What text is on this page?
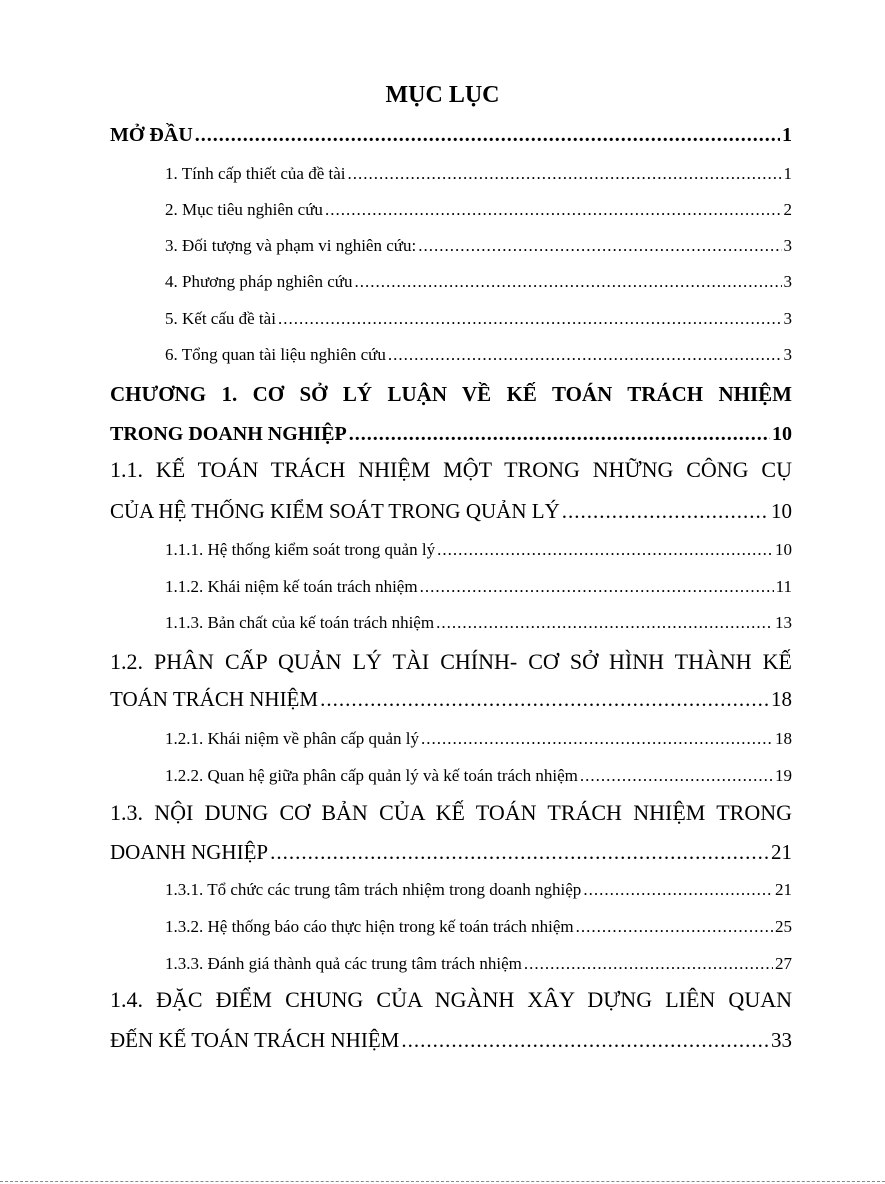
MỤC LỤC
MỞ ĐẦU .....	1
1. Tính cấp thiết của đề tài .....	1
2. Mục tiêu nghiên cứu .....	2
3. Đối tượng và phạm vi nghiên cứu: .....	3
4. Phương pháp nghiên cứu .....	3
5. Kết cấu đề tài .....	3
6. Tổng quan tài liệu nghiên cứu .....	3
CHƯƠNG 1. CƠ SỞ LÝ LUẬN VỀ KẾ TOÁN TRÁCH NHIỆM
TRONG DOANH NGHIỆP .....	10
1.1. KẾ TOÁN TRÁCH NHIỆM MỘT TRONG NHỮNG CÔNG CỤ
CỦA HỆ THỐNG KIỂM SOÁT TRONG QUẢN LÝ .....	10
1.1.1. Hệ thống kiểm soát trong quản lý .....	10
1.1.2. Khái niệm kế toán trách nhiệm .....	11
1.1.3. Bản chất của kế toán trách nhiệm .....	13
1.2. PHÂN CẤP QUẢN LÝ TÀI CHÍNH- CƠ SỞ HÌNH THÀNH KẾ
TOÁN TRÁCH NHIỆM .....	18
1.2.1. Khái niệm về phân cấp quản lý .....	18
1.2.2. Quan hệ giữa phân cấp quản lý và kế toán trách nhiệm .....	19
1.3. NỘI DUNG CƠ BẢN CỦA KẾ TOÁN TRÁCH NHIỆM TRONG
DOANH NGHIỆP .....	21
1.3.1. Tổ chức các trung tâm trách nhiệm trong doanh nghiệp .....	21
1.3.2. Hệ thống báo cáo thực hiện trong kế toán trách nhiệm .....	25
1.3.3. Đánh giá thành quả các trung tâm trách nhiệm .....	27
1.4. ĐẶC ĐIỂM CHUNG CỦA NGÀNH XÂY DỰNG LIÊN QUAN
ĐẾN KẾ TOÁN TRÁCH NHIỆM .....	33
